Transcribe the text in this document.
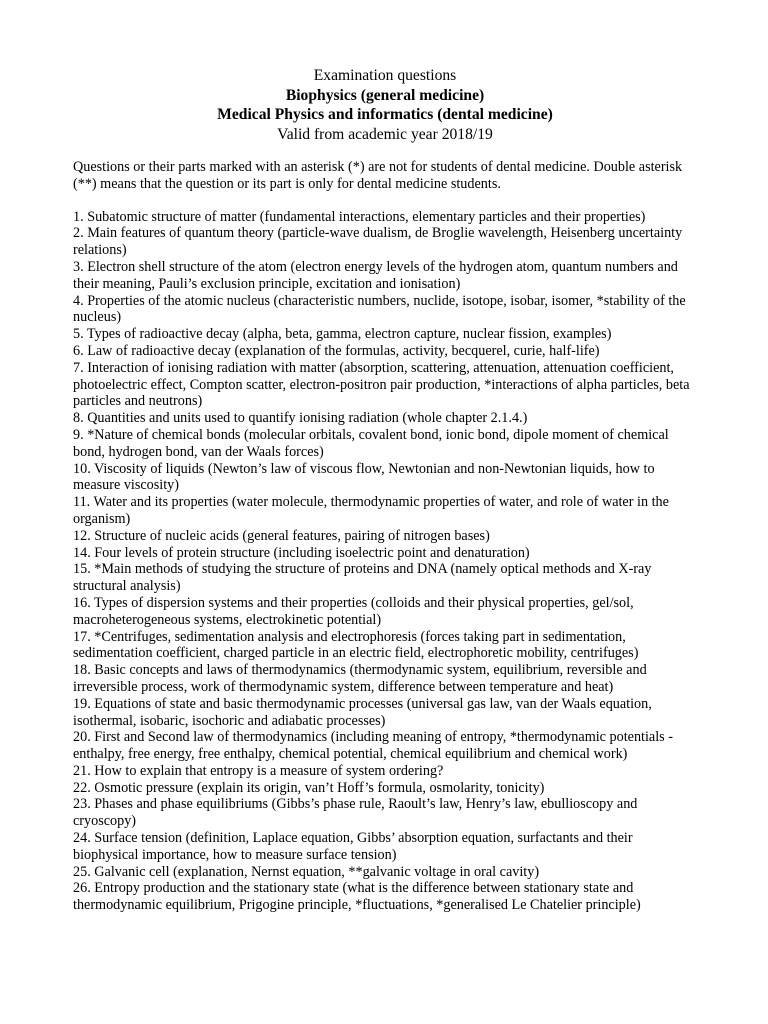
Examination questions
Biophysics (general medicine)
Medical Physics and informatics (dental medicine)
Valid from academic year 2018/19

Questions or their parts marked with an asterisk (*) are not for students of dental medicine. Double asterisk (**) means that the question or its part is only for dental medicine students.

1. Subatomic structure of matter (fundamental interactions, elementary particles and their properties)
2. Main features of quantum theory (particle-wave dualism, de Broglie wavelength, Heisenberg uncertainty relations)
3. Electron shell structure of the atom (electron energy levels of the hydrogen atom, quantum numbers and their meaning, Pauli’s exclusion principle, excitation and ionisation)
4. Properties of the atomic nucleus (characteristic numbers, nuclide, isotope, isobar, isomer, *stability of the nucleus)
5. Types of radioactive decay (alpha, beta, gamma, electron capture, nuclear fission, examples)
6. Law of radioactive decay (explanation of the formulas, activity, becquerel, curie, half-life)
7. Interaction of ionising radiation with matter (absorption, scattering, attenuation, attenuation coefficient, photoelectric effect, Compton scatter, electron-positron pair production, *interactions of alpha particles, beta particles and neutrons)
8. Quantities and units used to quantify ionising radiation (whole chapter 2.1.4.)
9. *Nature of chemical bonds (molecular orbitals, covalent bond, ionic bond, dipole moment of chemical bond, hydrogen bond, van der Waals forces)
10. Viscosity of liquids (Newton’s law of viscous flow, Newtonian and non-Newtonian liquids, how to measure viscosity)
11. Water and its properties (water molecule, thermodynamic properties of water, and role of water in the organism)
12. Structure of nucleic acids (general features, pairing of nitrogen bases)
14. Four levels of protein structure (including isoelectric point and denaturation)
15. *Main methods of studying the structure of proteins and DNA (namely optical methods and X-ray structural analysis)
16. Types of dispersion systems and their properties (colloids and their physical properties, gel/sol, macroheterogeneous systems, electrokinetic potential)
17. *Centrifuges, sedimentation analysis and electrophoresis (forces taking part in sedimentation, sedimentation coefficient, charged particle in an electric field, electrophoretic mobility, centrifuges)
18. Basic concepts and laws of thermodynamics (thermodynamic system, equilibrium, reversible and irreversible process, work of thermodynamic system, difference between temperature and heat)
19. Equations of state and basic thermodynamic processes (universal gas law, van der Waals equation, isothermal, isobaric, isochoric and adiabatic processes)
20. First and Second law of thermodynamics (including meaning of entropy, *thermodynamic potentials - enthalpy, free energy, free enthalpy, chemical potential, chemical equilibrium and chemical work)
21. How to explain that entropy is a measure of system ordering?
22. Osmotic pressure (explain its origin, van’t Hoff’s formula, osmolarity, tonicity)
23. Phases and phase equilibriums (Gibbs’s phase rule, Raoult’s law, Henry’s law, ebullioscopy and cryoscopy)
24. Surface tension (definition, Laplace equation, Gibbs’ absorption equation, surfactants and their biophysical importance, how to measure surface tension)
25. Galvanic cell (explanation, Nernst equation, **galvanic voltage in oral cavity)
26. Entropy production and the stationary state (what is the difference between stationary state and thermodynamic equilibrium, Prigogine principle, *fluctuations, *generalised Le Chatelier principle)
